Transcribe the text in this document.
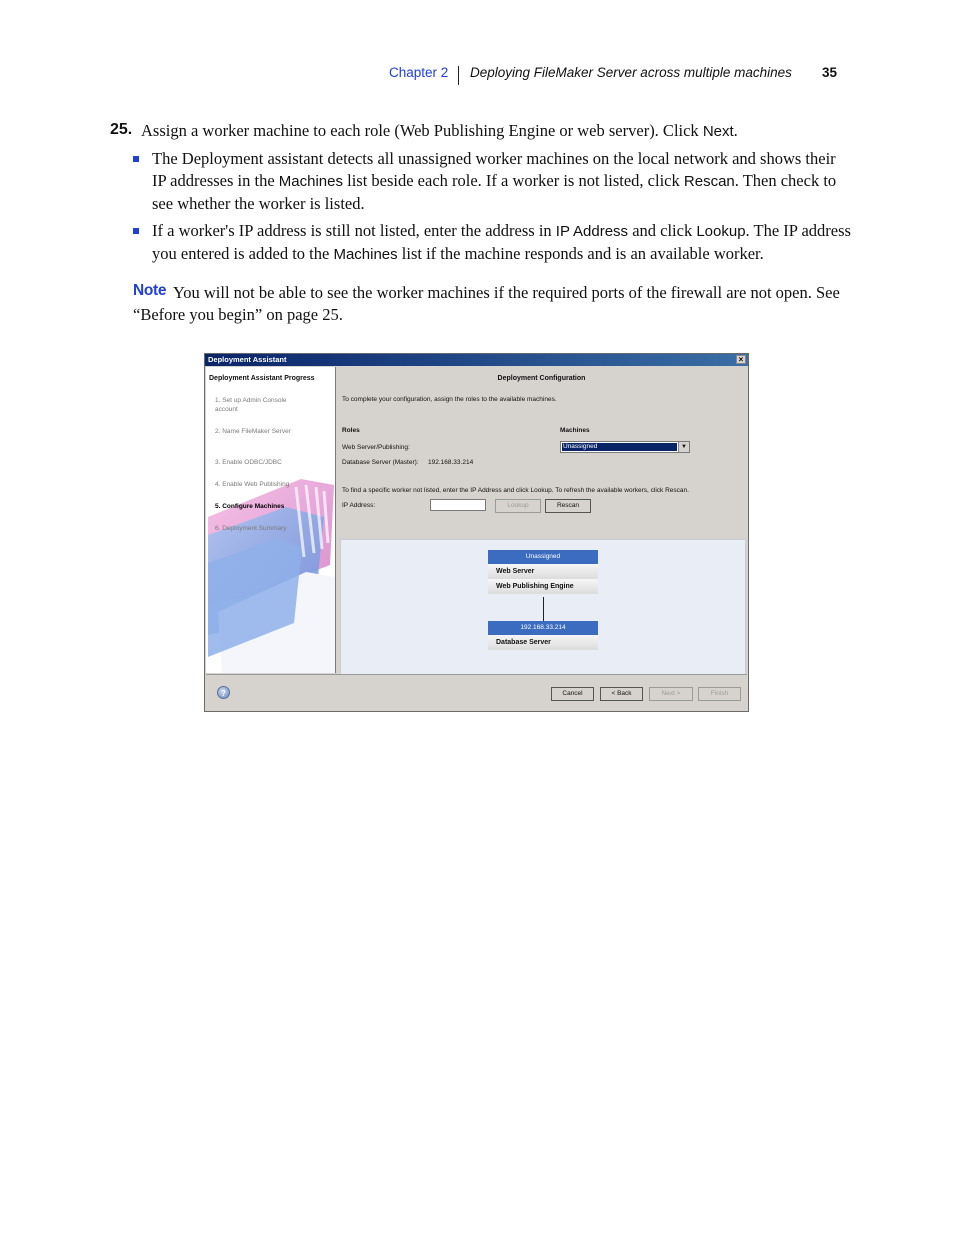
Chapter 2 Deploying FileMaker Server across multiple machines 35
25. Assign a worker machine to each role (Web Publishing Engine or web server). Click Next.
The Deployment assistant detects all unassigned worker machines on the local network and shows their IP addresses in the Machines list beside each role. If a worker is not listed, click Rescan. Then check to see whether the worker is listed.
If a worker's IP address is still not listed, enter the address in IP Address and click Lookup. The IP address you entered is added to the Machines list if the machine responds and is an available worker.
You will not be able to see the worker machines if the required ports of the firewall are not open. See “Before you begin” on page 25.
Note
Deployment Assistant	×
Deployment Assistant Progress
1. Set up Admin Console account
2. Name FileMaker Server
3. Enable ODBC/JDBC
4. Enable Web Publishing
5. Configure Machines
6. Deployment Summary
Deployment Configuration
To complete your configuration, assign the roles to the available machines.
Roles	Machines
Web Server/Publishing:	Unassigned	▼
Database Server (Master): 192.168.33.214
To find a specific worker not listed, enter the IP Address and click Lookup. To refresh the available workers, click Rescan.
IP Address:	Lookup	Rescan
Unassigned
Web Server
Web Publishing Engine
192.168.33.214
Database Server
?	Cancel	< Back	Next >	Finish
